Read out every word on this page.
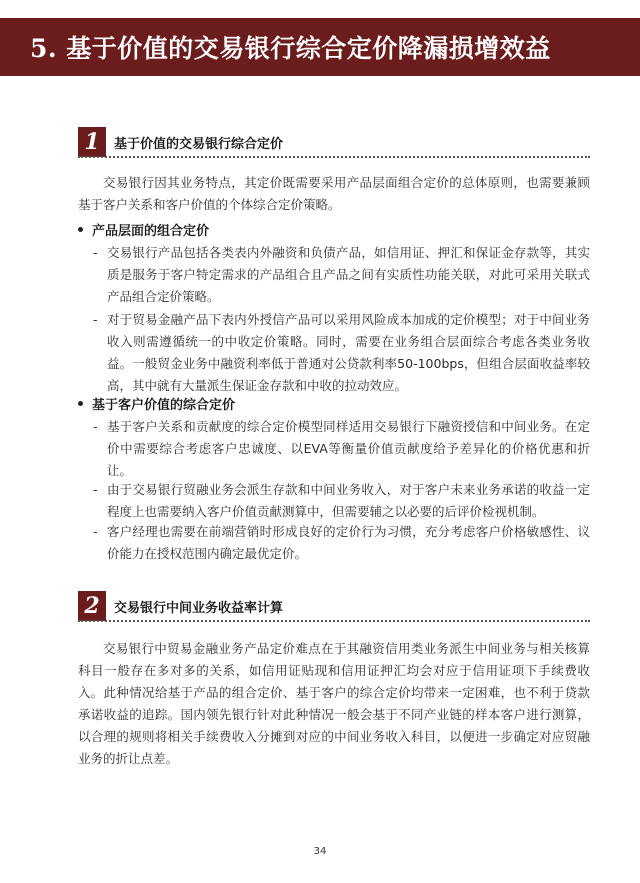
5. 基于价值的交易银行综合定价降漏损增效益
1	基于价值的交易银行综合定价

交易银行因其业务特点，其定价既需要采用产品层面组合定价的总体原则，也需要兼顾基于客户关系和客户价值的个体综合定价策略。

产品层面的组合定价
- 交易银行产品包括各类表内外融资和负债产品，如信用证、押汇和保证金存款等，其实质是服务于客户特定需求的产品组合且产品之间有实质性功能关联，对此可采用关联式产品组合定价策略。
- 对于贸易金融产品下表内外授信产品可以采用风险成本加成的定价模型；对于中间业务收入则需遵循统一的中收定价策略。同时，需要在业务组合层面综合考虑各类业务收益。一般贸金业务中融资利率低于普通对公贷款利率50-100bps，但组合层面收益率较高，其中就有大量派生保证金存款和中收的拉动效应。
基于客户价值的综合定价
- 基于客户关系和贡献度的综合定价模型同样适用交易银行下融资授信和中间业务。在定价中需要综合考虑客户忠诚度、以EVA等衡量价值贡献度给予差异化的价格优惠和折让。
- 由于交易银行贸融业务会派生存款和中间业务收入，对于客户未来业务承诺的收益一定程度上也需要纳入客户价值贡献测算中，但需要辅之以必要的后评价检视机制。
- 客户经理也需要在前端营销时形成良好的定价行为习惯，充分考虑客户价格敏感性、议价能力在授权范围内确定最优定价。
2	交易银行中间业务收益率计算

交易银行中贸易金融业务产品定价难点在于其融资信用类业务派生中间业务与相关核算科目一般存在多对多的关系，如信用证贴现和信用证押汇均会对应于信用证项下手续费收入。此种情况给基于产品的组合定价、基于客户的综合定价均带来一定困难，也不利于贷款承诺收益的追踪。国内领先银行针对此种情况一般会基于不同产业链的样本客户进行测算，以合理的规则将相关手续费收入分摊到对应的中间业务收入科目，以便进一步确定对应贸融业务的折让点差。

34
